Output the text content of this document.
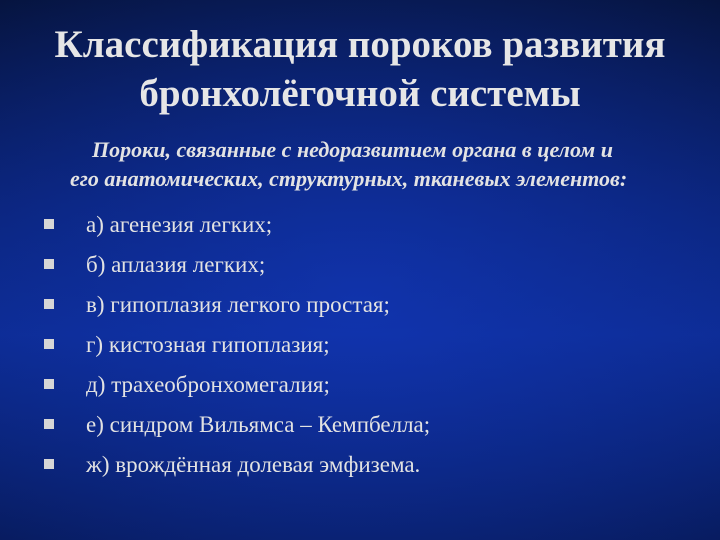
Классификация пороков развития
бронхолёгочной системы
Пороки, связанные с недоразвитием органа в целом и
его анатомических, структурных, тканевых элементов:
а) агенезия легких;
б) аплазия легких;
в) гипоплазия легкого простая;
г) кистозная гипоплазия;
д) трахеобронхомегалия;
е) синдром Вильямса – Кемпбелла;
ж) врождённая долевая эмфизема.
